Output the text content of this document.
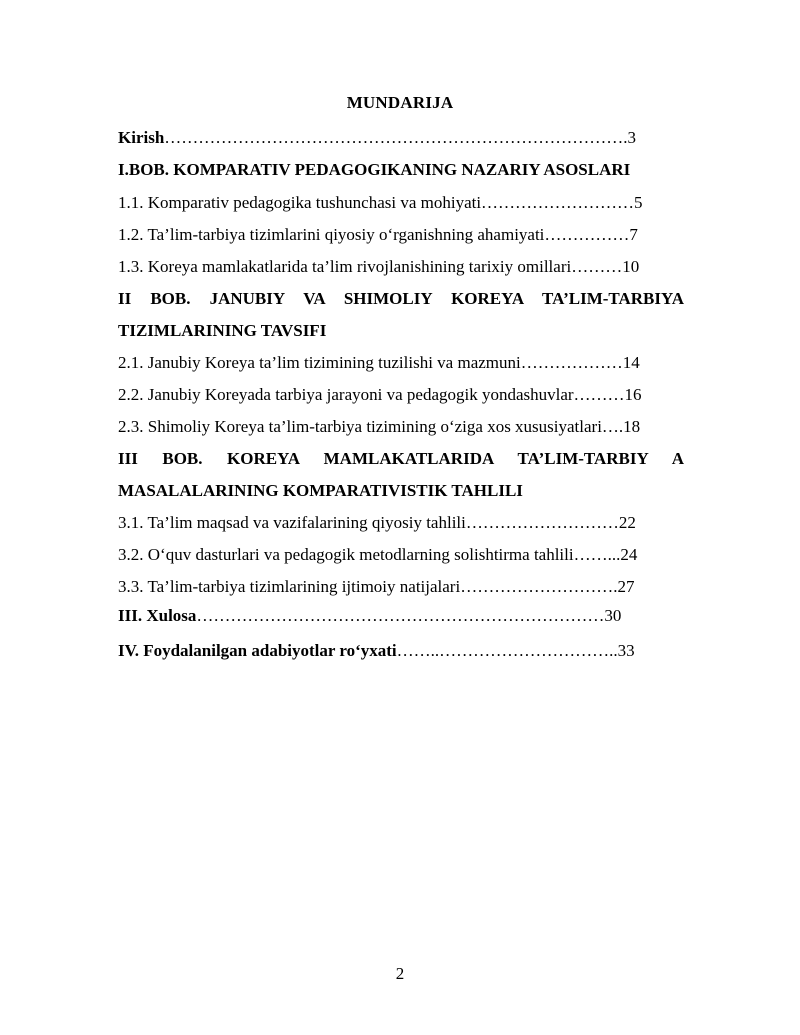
MUNDARIJA
Kirish……………………………………………………………………….3
I.BOB. KOMPARATIV PEDAGOGIKANING NAZARIY ASOSLARI
1.1. Komparativ pedagogika tushunchasi va mohiyati………………………5
1.2. Ta’lim-tarbiya tizimlarini qiyosiy o‘rganishning ahamiyati……………7
1.3. Koreya mamlakatlarida ta’lim rivojlanishining tarixiy omillari………10
II BOB. JANUBIY VA SHIMOLIY KOREYA TA’LIM-TARBIYA
TIZIMLARINING TAVSIFI
2.1. Janubiy Koreya ta’lim tizimining tuzilishi va mazmuni………………14
2.2. Janubiy Koreyada tarbiya jarayoni va pedagogik yondashuvlar………16
2.3. Shimoliy Koreya ta’lim-tarbiya tizimining o‘ziga xos xususiyatlari….18
III BOB. KOREYA MAMLAKATLARIDA TA’LIM-TARBIY A
MASALALARINING KOMPARATIVISTIK TAHLILI
3.1. Ta’lim maqsad va vazifalarining qiyosiy tahlili………………………22
3.2. O‘quv dasturlari va pedagogik metodlarning solishtirma tahlili……...24
3.3. Ta’lim-tarbiya tizimlarining ijtimoiy natijalari……………………….27
III. Xulosa………………………………………………………………30
IV. Foydalanilgan adabiyotlar ro‘yxati……..…………………………..33
2
